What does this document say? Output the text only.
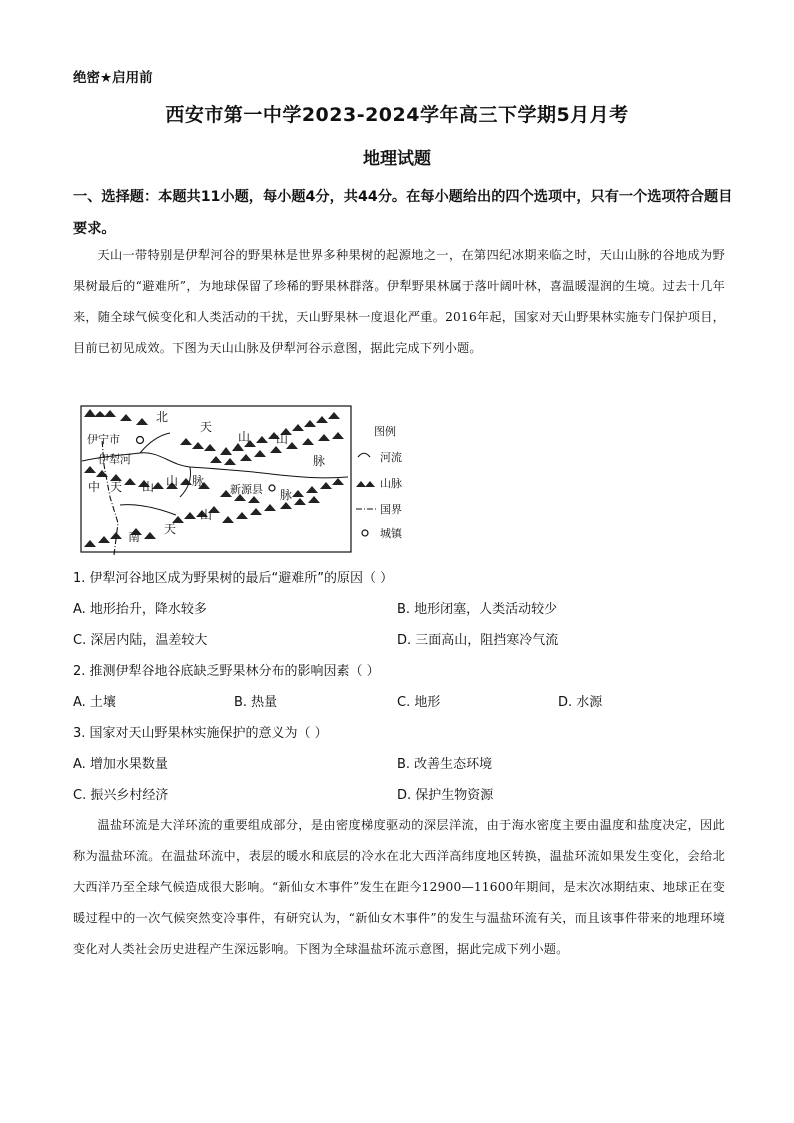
绝密★启用前
西安市第一中学2023-2024学年高三下学期5月月考
地理试题
一、选择题：本题共11小题，每小题4分，共44分。在每小题给出的四个选项中，只有一个选项符合题目要求。
天山一带特别是伊犁河谷的野果林是世界多种果树的起源地之一，在第四纪冰期来临之时，天山山脉的谷地成为野果树最后的“避难所”，为地球保留了珍稀的野果林群落。伊犁野果林属于落叶阔叶林，喜温暖湿润的生境。过去十几年来，随全球气候变化和人类活动的干扰，天山野果林一度退化严重。2016年起，国家对天山野果林实施专门保护项目，目前已初见成效。下图为天山山脉及伊犁河谷示意图，据此完成下列小题。
北
天
山 山
脉
伊宁市
伊犁河
中 天 山 山 脉
新源县 脉
天
山
南
图例
河流
山脉
国界
城镇
1. 伊犁河谷地区成为野果树的最后“避难所”的原因（ ）
A. 地形抬升，降水较多	B. 地形闭塞，人类活动较少
C. 深居内陆，温差较大	D. 三面高山，阻挡寒冷气流
2. 推测伊犁谷地谷底缺乏野果林分布的影响因素（ ）
A. 土壤	B. 热量	C. 地形	D. 水源
3. 国家对天山野果林实施保护的意义为（ ）
A. 增加水果数量	B. 改善生态环境
C. 振兴乡村经济	D. 保护生物资源
温盐环流是大洋环流的重要组成部分，是由密度梯度驱动的深层洋流，由于海水密度主要由温度和盐度决定，因此称为温盐环流。在温盐环流中，表层的暖水和底层的冷水在北大西洋高纬度地区转换，温盐环流如果发生变化，会给北大西洋乃至全球气候造成很大影响。“新仙女木事件”发生在距今12900—11600年期间，是末次冰期结束、地球正在变暖过程中的一次气候突然变冷事件，有研究认为，“新仙女木事件”的发生与温盐环流有关，而且该事件带来的地理环境变化对人类社会历史进程产生深远影响。下图为全球温盐环流示意图，据此完成下列小题。
